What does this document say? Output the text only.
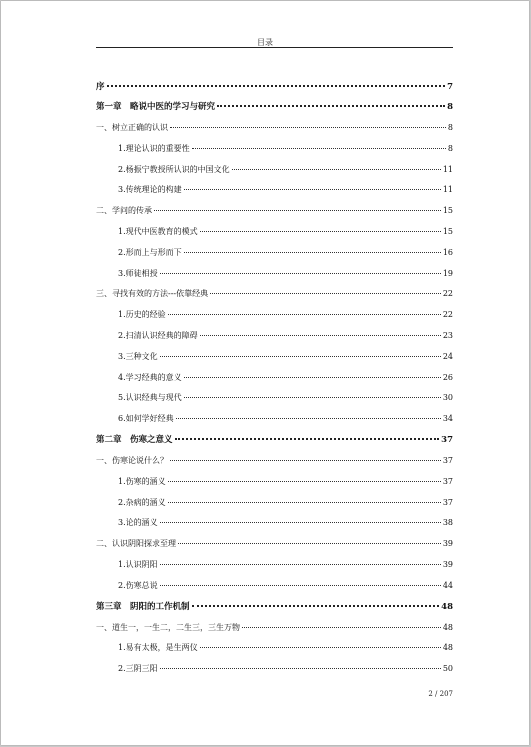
目录
序	7
第一章　略说中医的学习与研究	8
一、树立正确的认识	8
1.理论认识的重要性	8
2.杨振宁教授所认识的中国文化	11
3.传统理论的构建	11
二、学问的传承	15
1.现代中医教育的模式	15
2.形而上与形而下	16
3.师徒相授	19
三、寻找有效的方法---依靠经典	22
1.历史的经验	22
2.扫清认识经典的障碍	23
3.三种文化	24
4.学习经典的意义	26
5.认识经典与现代	30
6.如何学好经典	34
第二章　伤寒之意义	37
一、伤寒论说什么？	37
1.伤寒的涵义	37
2.杂病的涵义	37
3.论的涵义	38
二、认识阴阳探求至理	39
1.认识阴阳	39
2.伤寒总说	44
第三章　阴阳的工作机制	48
一、道生一，一生二，二生三，三生万物	48
1.易有太极，是生两仪	48
2.三阴三阳	50
2 / 207
